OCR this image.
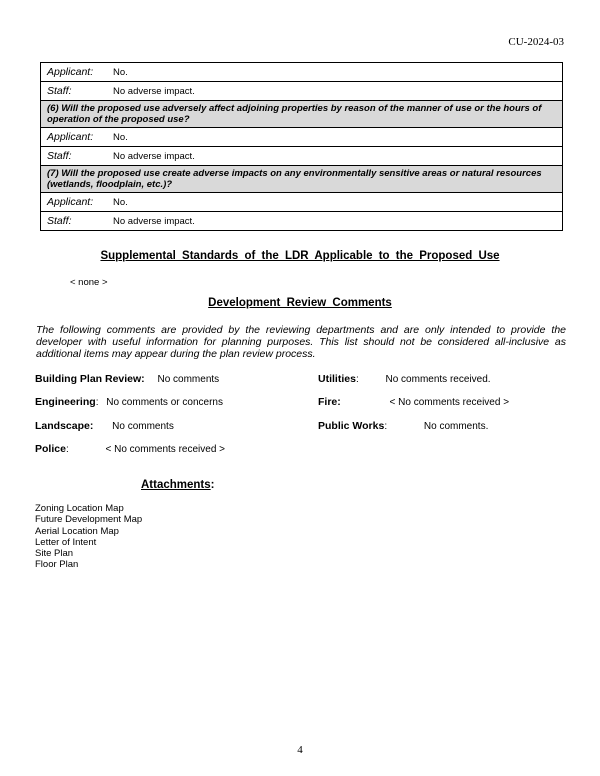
CU-2024-03
Applicant:	No.
Staff:	No adverse impact.
(6) Will the proposed use adversely affect adjoining properties by reason of the manner of use or the hours of operation of the proposed use?
Applicant:	No.
Staff:	No adverse impact.
(7) Will the proposed use create adverse impacts on any environmentally sensitive areas or natural resources (wetlands, floodplain, etc.)?
Applicant:	No.
Staff:	No adverse impact.
Supplemental Standards of the LDR Applicable to the Proposed Use
< none >
Development Review Comments
The following comments are provided by the reviewing departments and are only intended to provide the developer with useful information for planning purposes. This list should not be considered all-inclusive as additional items may appear during the plan review process.
Building Plan Review: No comments	Utilities: No comments received.
Engineering: No comments or concerns	Fire:	< No comments received >
Landscape: No comments	Public Works:	No comments.
Police:	< No comments received >
Attachments:
Zoning Location Map
Future Development Map
Aerial Location Map
Letter of Intent
Site Plan
Floor Plan
4
